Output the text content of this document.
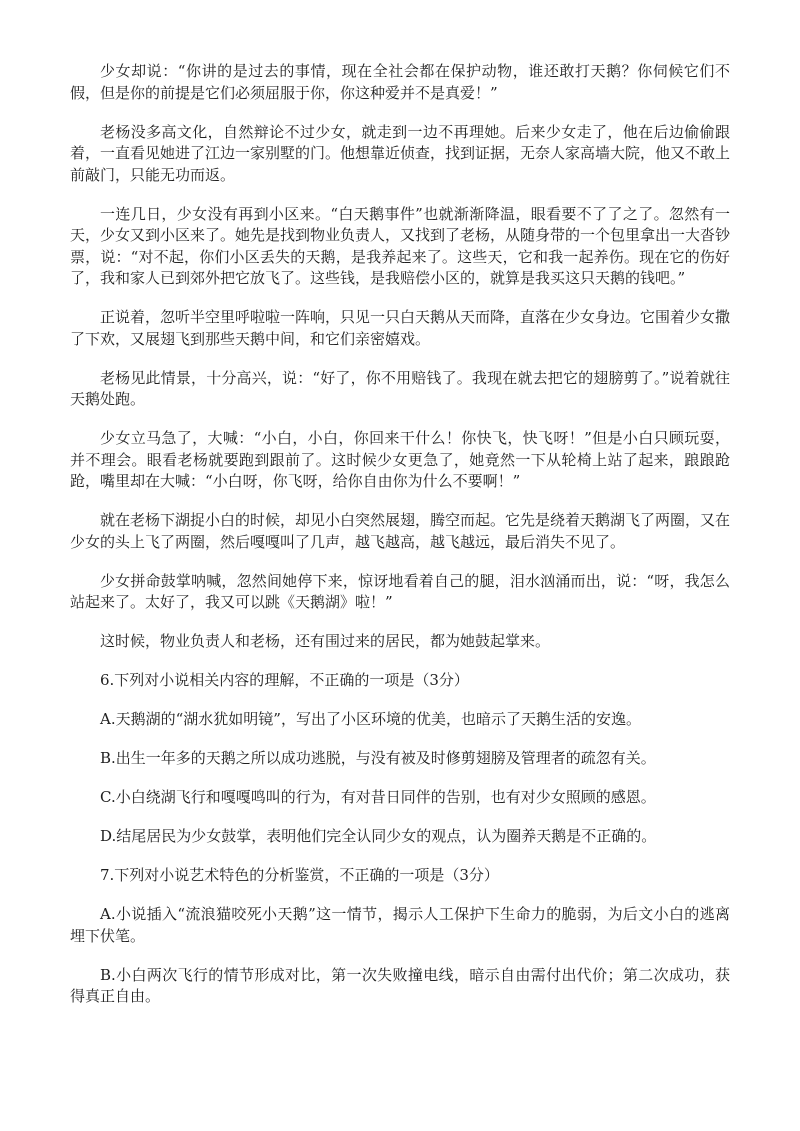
少女却说：“你讲的是过去的事情，现在全社会都在保护动物，谁还敢打天鹅？你伺候它们不假，但是你的前提是它们必须屈服于你，你这种爱并不是真爱！”

老杨没多高文化，自然辩论不过少女，就走到一边不再理她。后来少女走了，他在后边偷偷跟着，一直看见她进了江边一家别墅的门。他想靠近侦查，找到证据，无奈人家高墙大院，他又不敢上前敲门，只能无功而返。

一连几日，少女没有再到小区来。“白天鹅事件”也就渐渐降温，眼看要不了了之了。忽然有一天，少女又到小区来了。她先是找到物业负责人，又找到了老杨，从随身带的一个包里拿出一大沓钞票，说：“对不起，你们小区丢失的天鹅，是我养起来了。这些天，它和我一起养伤。现在它的伤好了，我和家人已到郊外把它放飞了。这些钱，是我赔偿小区的，就算是我买这只天鹅的钱吧。”

正说着，忽听半空里呼啦啦一阵响，只见一只白天鹅从天而降，直落在少女身边。它围着少女撒了下欢，又展翅飞到那些天鹅中间，和它们亲密嬉戏。

老杨见此情景，十分高兴，说：“好了，你不用赔钱了。我现在就去把它的翅膀剪了。”说着就往天鹅处跑。

少女立马急了，大喊：“小白，小白，你回来干什么！你快飞，快飞呀！”但是小白只顾玩耍，并不理会。眼看老杨就要跑到跟前了。这时候少女更急了，她竟然一下从轮椅上站了起来，踉踉跄跄，嘴里却在大喊：“小白呀，你飞呀，给你自由你为什么不要啊！”

就在老杨下湖捉小白的时候，却见小白突然展翅，腾空而起。它先是绕着天鹅湖飞了两圈，又在少女的头上飞了两圈，然后嘎嘎叫了几声，越飞越高，越飞越远，最后消失不见了。

少女拼命鼓掌呐喊，忽然间她停下来，惊讶地看着自己的腿，泪水汹涌而出，说：“呀，我怎么站起来了。太好了，我又可以跳《天鹅湖》啦！”

这时候，物业负责人和老杨，还有围过来的居民，都为她鼓起掌来。

6.下列对小说相关内容的理解，不正确的一项是（3分）

A.天鹅湖的“湖水犹如明镜”，写出了小区环境的优美，也暗示了天鹅生活的安逸。

B.出生一年多的天鹅之所以成功逃脱，与没有被及时修剪翅膀及管理者的疏忽有关。

C.小白绕湖飞行和嘎嘎鸣叫的行为，有对昔日同伴的告别，也有对少女照顾的感恩。

D.结尾居民为少女鼓掌，表明他们完全认同少女的观点，认为圈养天鹅是不正确的。

7.下列对小说艺术特色的分析鉴赏，不正确的一项是（3分）

A.小说插入“流浪猫咬死小天鹅”这一情节，揭示人工保护下生命力的脆弱，为后文小白的逃离埋下伏笔。

B.小白两次飞行的情节形成对比，第一次失败撞电线，暗示自由需付出代价；第二次成功，获得真正自由。
